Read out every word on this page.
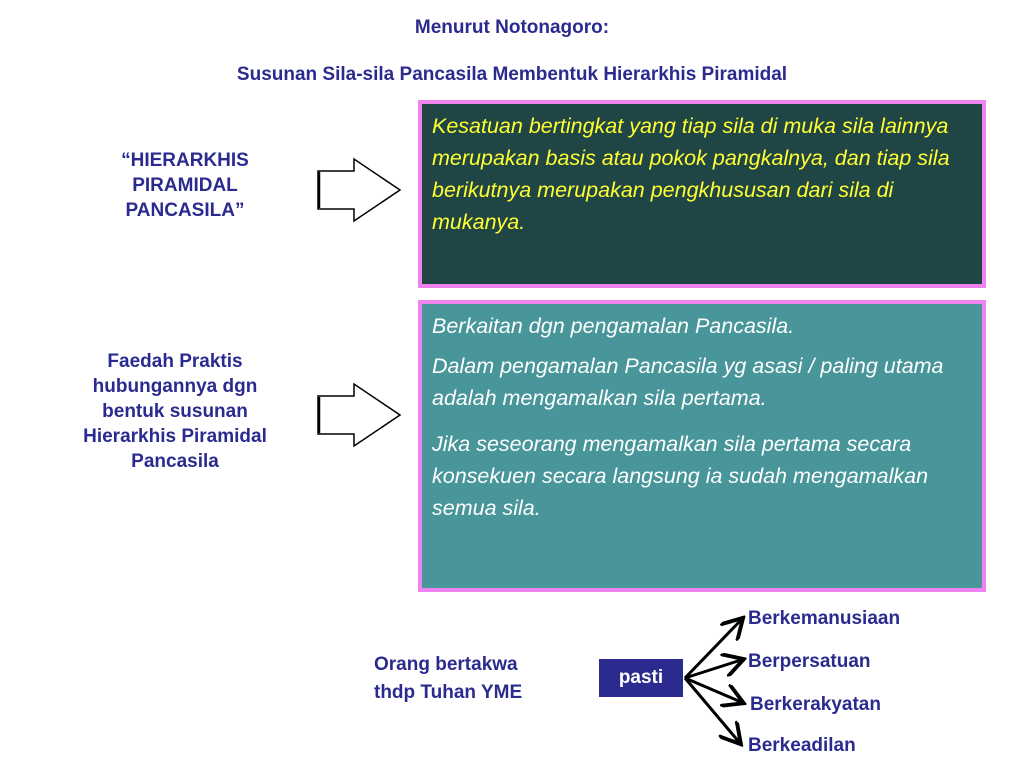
Menurut Notonagoro:
Susunan Sila-sila Pancasila Membentuk Hierarkhis Piramidal
“HIERARKHIS
PIRAMIDAL
PANCASILA”
Kesatuan bertingkat yang tiap sila di muka sila lainnya merupakan basis atau pokok pangkalnya, dan tiap sila berikutnya merupakan pengkhususan dari sila di mukanya.
Faedah Praktis
hubungannya dgn
bentuk susunan
Hierarkhis Piramidal
Pancasila

Berkaitan dgn pengamalan Pancasila.

Dalam pengamalan Pancasila yg asasi / paling utama adalah mengamalkan sila pertama.

Jika seseorang mengamalkan sila pertama secara konsekuen secara langsung ia sudah mengamalkan semua sila.

Orang bertakwa
thdp Tuhan YME
pasti
Berkemanusiaan
Berpersatuan
Berkerakyatan
Berkeadilan
